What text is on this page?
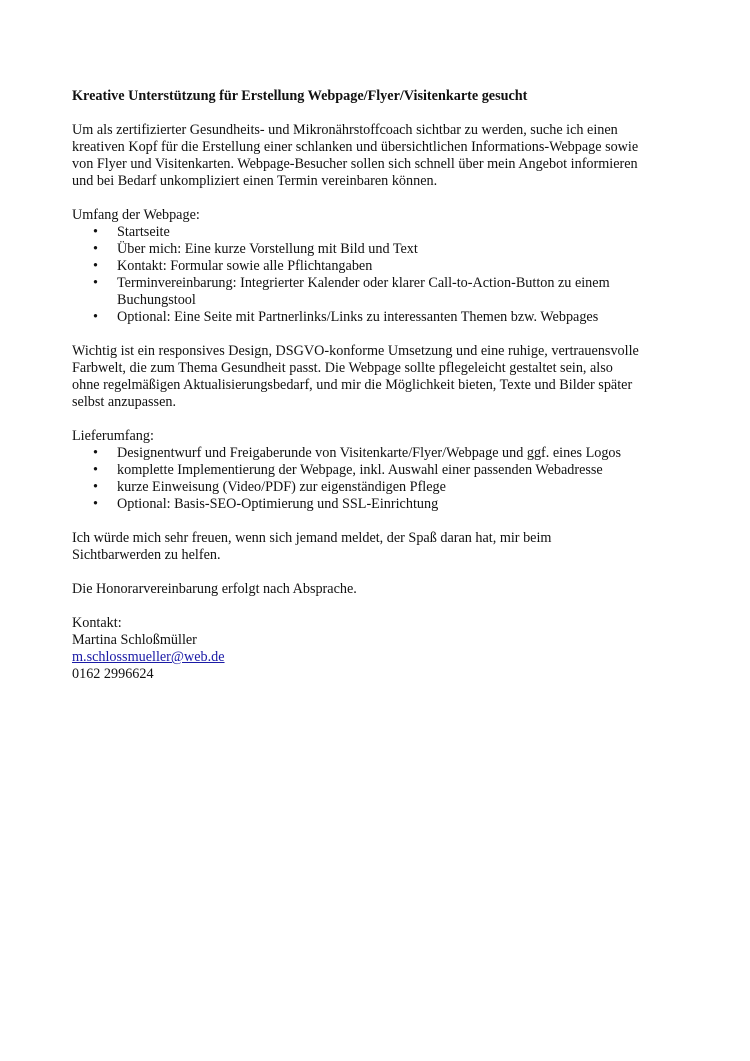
Kreative Unterstützung für Erstellung Webpage/Flyer/Visitenkarte gesucht

Um als zertifizierter Gesundheits- und Mikronährstoffcoach sichtbar zu werden, suche ich einen
kreativen Kopf für die Erstellung einer schlanken und übersichtlichen Informations-Webpage sowie
von Flyer und Visitenkarten. Webpage-Besucher sollen sich schnell über mein Angebot informieren
und bei Bedarf unkompliziert einen Termin vereinbaren können.

Umfang der Webpage:

• Startseite
• Über mich: Eine kurze Vorstellung mit Bild und Text
• Kontakt: Formular sowie alle Pflichtangaben
• Terminvereinbarung: Integrierter Kalender oder klarer Call-to-Action-Button zu einem
Buchungstool
• Optional: Eine Seite mit Partnerlinks/Links zu interessanten Themen bzw. Webpages

Wichtig ist ein responsives Design, DSGVO-konforme Umsetzung und eine ruhige, vertrauensvolle
Farbwelt, die zum Thema Gesundheit passt. Die Webpage sollte pflegeleicht gestaltet sein, also
ohne regelmäßigen Aktualisierungsbedarf, und mir die Möglichkeit bieten, Texte und Bilder später
selbst anzupassen.

Lieferumfang:

• Designentwurf und Freigaberunde von Visitenkarte/Flyer/Webpage und ggf. eines Logos
• komplette Implementierung der Webpage, inkl. Auswahl einer passenden Webadresse
• kurze Einweisung (Video/PDF) zur eigenständigen Pflege
• Optional: Basis-SEO-Optimierung und SSL-Einrichtung

Ich würde mich sehr freuen, wenn sich jemand meldet, der Spaß daran hat, mir beim
Sichtbarwerden zu helfen.

Die Honorarvereinbarung erfolgt nach Absprache.

Kontakt:
Martina Schloßmüller
m.schlossmueller@web.de
0162 2996624
